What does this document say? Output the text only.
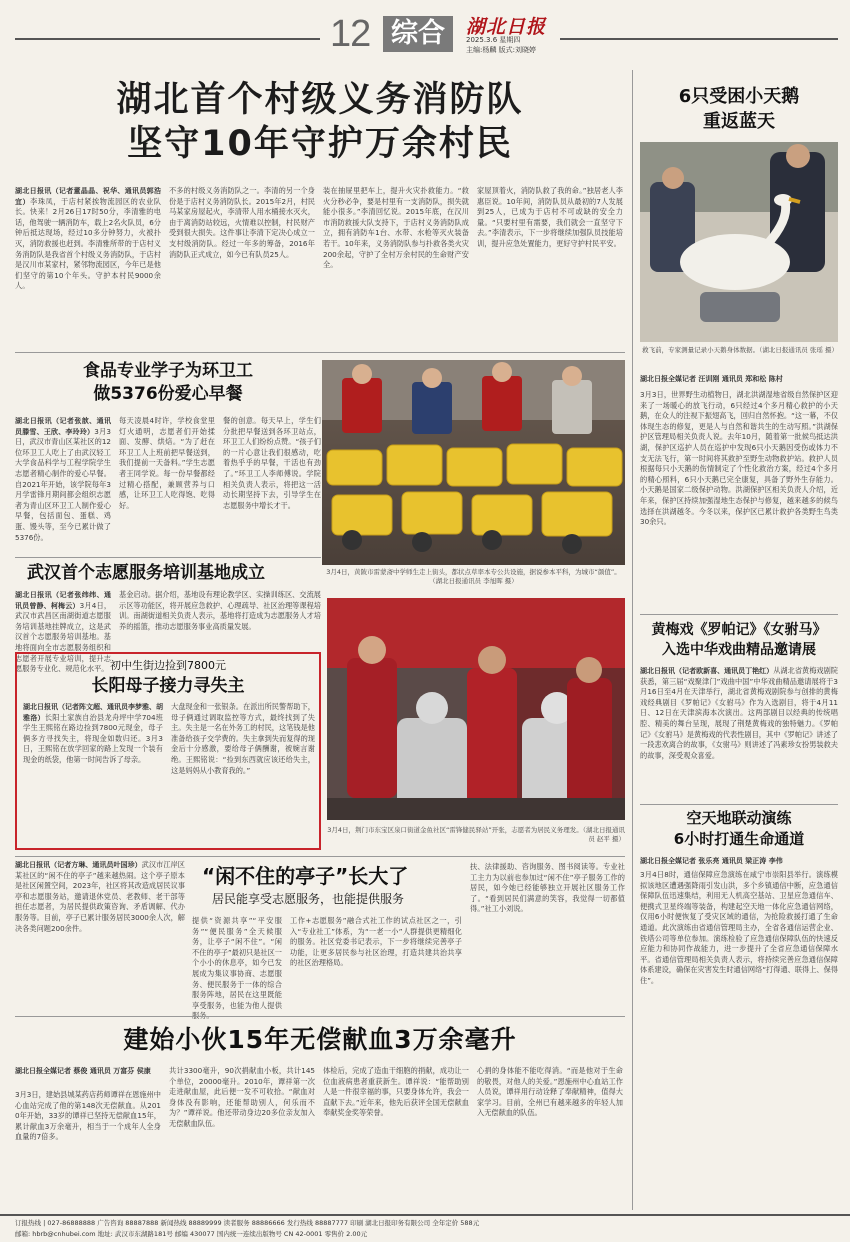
12 综合	湖北日报
2025.3.6 星期四
主编:杨麟 版式:刘晓婷
湖北首个村级义务消防队
坚守10年守护万余村民
湖北日报讯（记者董晶晶、祝华、通讯员郭浩宜）李珠凤，于店村紧挨物流园区的农业队长。快来！2月26日17时50分，李清雅的电话，他驾驶一辆消防车，载上2名火队员，6分钟后抵达现场，经过10多分钟努力，火被扑灭，消防救援也赶到。李清雅所带的于店村义务消防队是我省首个村级义务消防队，于店村是汉川市某家村，紧邻物流园区，今年已是他们坚守的第10个年头。守护本村民9000余人。
不多的村级义务消防队之一。李清的另一个身份是于店村义务消防队长。2015年2月，村民马某家房屋起火，李清带人用水桶接水灭火，由于离消防站较远，火情难以控制，村民财产受到很大损失。这件事让李清下定决心成立一支村级消防队。经过一年多的筹备，2016年消防队正式成立，如今已有队员25人。
装在抽屉里把车上，提升火灾扑救能力。“救火分秒必争，要是村里有一支消防队，损失就能小很多。”李清回忆说。2015年底，在汉川市消防救援大队支持下，于店村义务消防队成立，拥有消防车1台、水带、水枪等灭火装备若干。10年来，义务消防队参与扑救各类火灾200余起，守护了全村万余村民的生命财产安全。
家屋顶着火，消防队救了我的命。”独居老人李惠臣说。10年间，消防队员从最初的7人发展到25人，已成为于店村不可或缺的安全力量。“只要村里有需要，我们就会一直坚守下去。”李清表示，下一步将继续加强队员技能培训，提升应急处置能力，更好守护村民平安。
食品专业学子为环卫工
做5376份爱心早餐
湖北日报讯（记者张歆、通讯员滕雪、王欣、李玲玲）3月3日，武汉市青山区某社区的12位环卫工人吃上了由武汉轻工大学食品科学与工程学院学生志愿者精心制作的爱心早餐。自2021年开始，该学院每年3月学雷锋月期间都会组织志愿者为青山区环卫工人制作爱心早餐，包括面包、蛋糕、鸡蛋、馒头等，至今已累计做了5376份。
每天凌晨4时许，学校食堂里灯火通明，志愿者们开始揉面、发酵、烘焙。“为了赶在环卫工人上班前把早餐送到，我们提前一天备料。”学生志愿者王同学说。每一份早餐都经过精心搭配，兼顾营养与口感，让环卫工人吃得饱、吃得好。
餐的创意。每天早上，学生们分批把早餐送到各环卫站点，环卫工人们纷纷点赞。“孩子们的一片心意让我们很感动，吃着热乎乎的早餐，干活也有劲了。”环卫工人李师傅说。学院相关负责人表示，将把这一活动长期坚持下去，引导学生在志愿服务中增长才干。
3月4日，黄陂市雷蒙斋中学师生走上街头，都状点草率本专公共设施，据说参本平科，为城市“颜值”。（湖北日报通讯员 李旭晖 摄）
武汉首个志愿服务培训基地成立
湖北日报讯（记者张纬纬、通讯员曾静、柯梅云）3月4日，武汉市武昌区南湖街道志愿服务培训基地挂牌成立，这是武汉首个志愿服务培训基地。基地将面向全市志愿服务组织和志愿者开展专业培训，提升志愿服务专业化、规范化水平。
基金启动。据介绍，基地设有理论教学区、实操训练区、交流展示区等功能区，将开展应急救护、心理疏导、社区治理等课程培训。南湖街道相关负责人表示，基地将打造成为志愿服务人才培养的摇篮，推动志愿服务事业高质量发展。
初中生街边捡到7800元
长阳母子接力寻失主
湖北日报讯（记者阵文超、通讯员李梦雅、胡雅洛）长阳土家族自治县龙舟坪中学704班学生王熙铭在路边捡到7800元现金，母子俩多方寻找失主，将现金如数归还。3月3日，王熙铭在放学回家的路上发现一个装有现金的纸袋，他第一时间告诉了母亲。
大盘现金和一张银条。在派出所民警帮助下，母子俩通过调取监控等方式，最终找到了失主。失主是一名在外务工的村民，这笔钱是他准备给孩子交学费的。失主拿到失而复得的现金后十分感激，要给母子俩酬谢，被婉言谢绝。王熙铭说：“捡到东西就应该还给失主，这是妈妈从小教育我的。”
3月4日，荆门市东宝区泉口街道金鱼社区“雷锋健民驿站”开张，志愿者为居民义务理发。（湖北日报通讯员 赵平 摄）
湖北日报讯（记者方琳、通讯员叶国珍）武汉市江岸区某社区的“闲不住的亭子”越来越热闹。这个亭子原本是社区闲置空间，2023年，社区将其改造成居民议事亭和志愿服务站，邀请退休党员、老教师、老干部等担任志愿者，为居民提供政策咨询、矛盾调解、代办服务等。目前，亭子已累计服务居民3000余人次，解决各类问题200余件。
“闲不住的亭子”长大了
居民能享受志愿服务，也能提供服务
提供“资源共享”“平安服务”“便民服务”全天候服务，让亭子“闲不住”。“闲不住的亭子”最初只是社区一个小小的休息亭，如今已发展成为集议事协商、志愿服务、便民服务于一体的综合服务阵地，居民在这里既能享受服务，也能为他人提供
工作+志愿服务”融合式社工作的试点社区之一，引入“专业社工”体系，为“一老一小”人群提供更精细化的服务。社区党委书记表示，下一步将继续完善亭子功能，让更多居民参与社区治理，打造共建共治共享的社区治理格局。
扶、法律援助、咨询服务、图书阅读等。专业社工主力为以前也参加过“闲不住”亭子服务工作的居民，如今她已经能够独立开展社区服务工作了。“看到居民们满意的笑容，我觉得一切都值得。”社工小刘说。
建始小伙15年无偿献血3万余毫升
湖北日报全媒记者 蔡俊 通讯员 万富芬 侯康
3月3日，建始县城某药店药师谭祥在恩施州中心血站完成了他的第148次无偿献血。从2010年开始，33岁的谭祥已坚持无偿献血15年，累计献血3万余毫升，相当于一个成年人全身血量的7倍多。
共计3300毫升，90次捐献血小板，共计145个单位，20000毫升。2010年，谭祥第一次走进献血屋，此后便一发不可收拾。“献血对身体没有影响，还能帮助别人，何乐而不为？”谭祥说。他还带动身边20多位亲友加入无偿献血队伍。
体检后，完成了造血干细胞的捐献，成功让一位血液病患者重获新生。谭祥说：“能帮助别人是一件很幸福的事，只要身体允许，我会一直献下去。”近年来，他先后获评全国无偿献血奉献奖金奖等荣誉。
心捐的身体能不能吃得消。“而是他对于生命的敬畏，对他人的关爱。”恩施州中心血站工作人员说，谭祥用行动诠释了奉献精神，值得大家学习。目前，全州已有越来越多的年轻人加入无偿献血的队伍。
6只受困小天鹅
重返蓝天
救飞前，专家测量记录小天鹅身体数据。（湖北日报通讯员 张瑶 摄）
湖北日报全媒记者 汪训刚 通讯员 郑和松 陈村
3月3日，世界野生动植物日，湖北洪湖湿地省级自然保护区迎来了一场暖心的放飞行动，6只经过4个多月精心救护的小天鹅，在众人的注视下振翅高飞，回归自然怀抱。“这一幕，不仅体现生态的修复，更是人与自然和谐共生的生动写照。”洪湖保护区管理局相关负责人说。去年10月，随着第一批候鸟抵达洪湖，保护区巡护人员在巡护中发现6只小天鹅因受伤或体力不支无法飞行，第一时间将其救护至野生动物救护站。救护人员根据每只小天鹅的伤情制定了个性化救治方案，经过4个多月的精心照料，6只小天鹅已完全康复，具备了野外生存能力。小天鹅是国家二级保护动物。洪湖保护区相关负责人介绍，近年来，保护区持续加强湿地生态保护与修复，越来越多的候鸟选择在洪湖越冬。今冬以来，保护区已累计救护各类野生鸟类30余只。
黄梅戏《罗帕记》《女驸马》
入选中华戏曲精品邀请展
湖北日报讯（记者欧新喜、通讯员丁艳红）从湖北省黄梅戏剧院获悉，第三届“戏聚津门”戏曲中国”中华戏曲精品邀请展将于3月16日至4月在天津举行，湖北省黄梅戏剧院参与创排的黄梅戏经典剧目《罗帕记》《女驸马》作为入选剧目，将于4月11日、12日在天津滨海本次演出。这两部剧目以经典的传统唱腔、精美的舞台呈现，展现了荆楚黄梅戏的独特魅力。《罗帕记》《女驸马》是黄梅戏的代表性剧目，其中《罗帕记》讲述了一段悲欢离合的故事，《女驸马》则讲述了冯素珍女扮男装救夫的故事，深受观众喜爱。
空天地联动演练
6小时打通生命通道
湖北日报全媒记者 张乐亮 通讯员 梁正涛 李伟
3月4日8时，通信保障应急演练在咸宁市崇阳县举行。演练模拟该地区遭遇强降雨引发山洪，多个乡镇通信中断，应急通信保障队伍迅速集结，利用无人机高空基站、卫星应急通信车、便携式卫星终端等装备，构建起空天地一体化应急通信网络，仅用6小时便恢复了受灾区域的通信，为抢险救援打通了生命通道。此次演练由省通信管理局主办，全省各通信运营企业、铁塔公司等单位参加。演练检验了应急通信保障队伍的快速反应能力和协同作战能力，进一步提升了全省应急通信保障水平。省通信管理局相关负责人表示，将持续完善应急通信保障体系建设，确保在灾害发生时通信网络“打得通、联得上、保得住”。
订报热线 | 027-86888888 广告咨询 88887888 新闻热线 88889999 读者服务 88886666 发行热线 88887777 印刷 湖北日报印务有限公司 全年定价 588元
邮箱: hbrb@cnhubei.com 地址: 武汉市东湖路181号 邮编 430077 国内统一连续出版物号 CN 42-0001 零售价 2.00元
